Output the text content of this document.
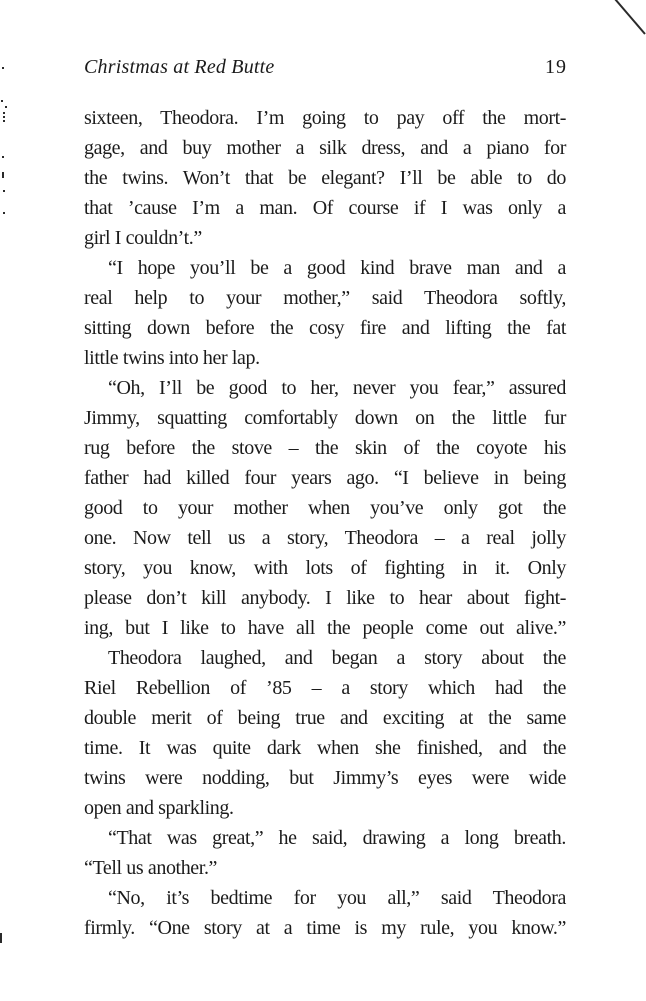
Christmas at Red Butte	19
sixteen, Theodora. I’m going to pay off the mort-
gage, and buy mother a silk dress, and a piano for
the twins. Won’t that be elegant? I’ll be able to do
that ’cause I’m a man. Of course if I was only a
girl I couldn’t.”
“I hope you’ll be a good kind brave man and a
real help to your mother,” said Theodora softly,
sitting down before the cosy fire and lifting the fat
little twins into her lap.
“Oh, I’ll be good to her, never you fear,” assured
Jimmy, squatting comfortably down on the little fur
rug before the stove – the skin of the coyote his
father had killed four years ago. “I believe in being
good to your mother when you’ve only got the
one. Now tell us a story, Theodora – a real jolly
story, you know, with lots of fighting in it. Only
please don’t kill anybody. I like to hear about fight-
ing, but I like to have all the people come out alive.”
Theodora laughed, and began a story about the
Riel Rebellion of ’85 – a story which had the
double merit of being true and exciting at the same
time. It was quite dark when she finished, and the
twins were nodding, but Jimmy’s eyes were wide
open and sparkling.
“That was great,” he said, drawing a long breath.
“Tell us another.”
“No, it’s bedtime for you all,” said Theodora
firmly. “One story at a time is my rule, you know.”
